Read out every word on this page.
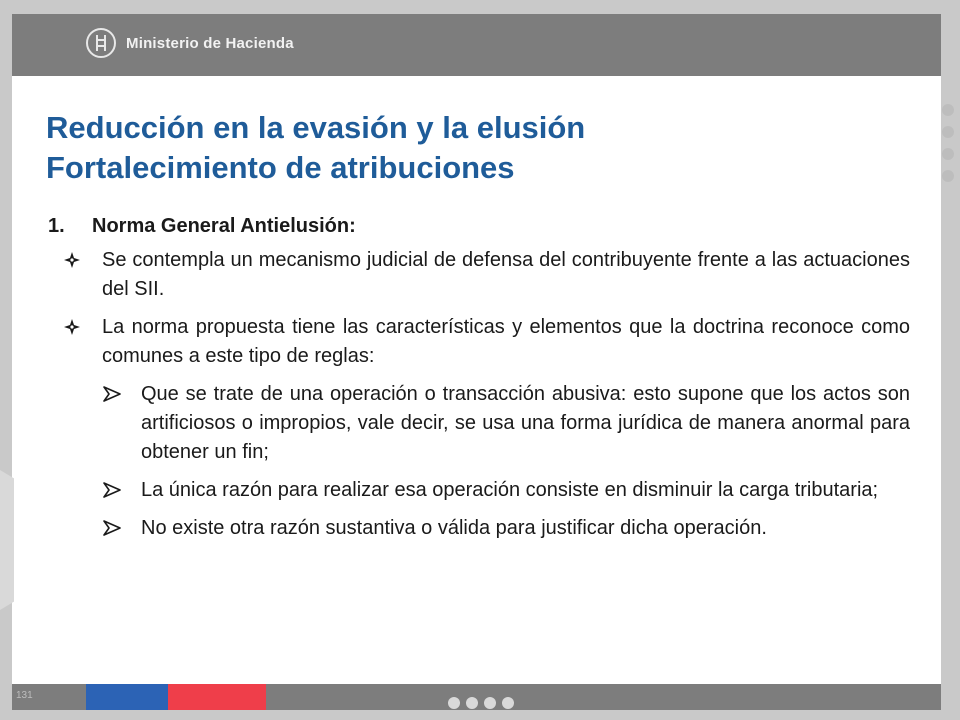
Ministerio de Hacienda
Reducción en la evasión y la elusión
Fortalecimiento de atribuciones
1.	Norma General Antielusión:
Se contempla un mecanismo judicial de defensa del contribuyente frente a las actuaciones del SII.
La norma propuesta tiene las características y elementos que la doctrina reconoce como comunes a este tipo de reglas:
Que se trate de una operación o transacción abusiva: esto supone que los actos son artificiosos o impropios, vale decir, se usa una forma jurídica de manera anormal para obtener un fin;
La única razón para realizar esa operación consiste en disminuir la carga tributaria;
No existe otra razón sustantiva o válida para justificar dicha operación.
131
